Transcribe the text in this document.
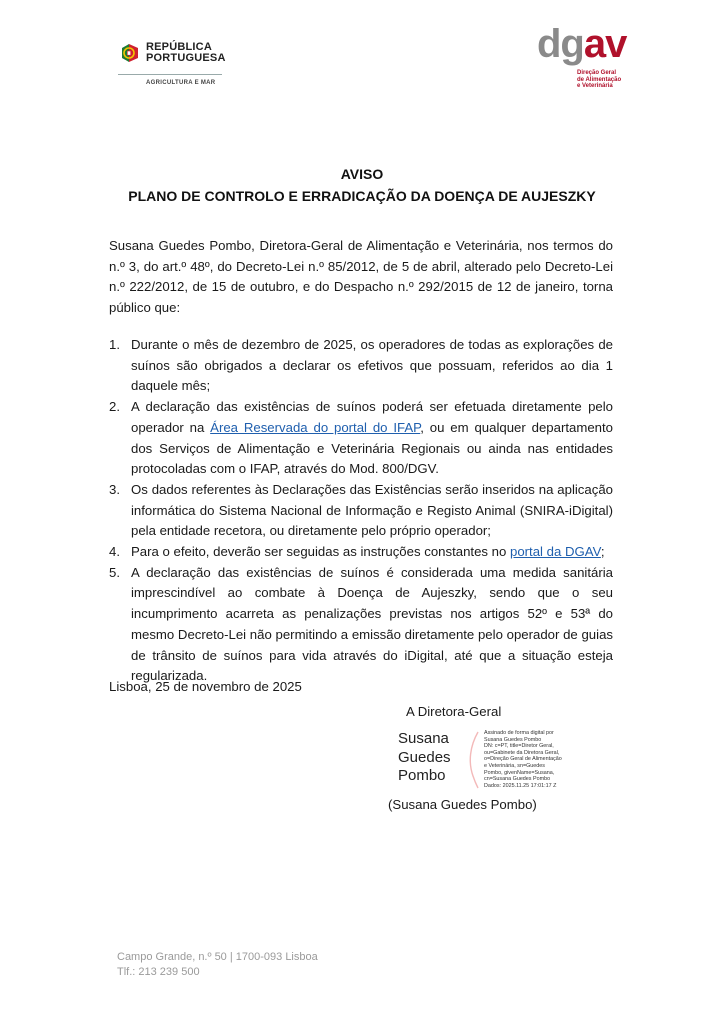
REPÚBLICA
PORTUGUESA
AGRICULTURA E MAR
dgav
Direção Geral
de Alimentação
e Veterinária
AVISO
PLANO DE CONTROLO E ERRADICAÇÃO DA DOENÇA DE AUJESZKY
Susana Guedes Pombo, Diretora-Geral de Alimentação e Veterinária, nos termos do n.º 3, do art.º 48º, do Decreto-Lei n.º 85/2012, de 5 de abril, alterado pelo Decreto-Lei n.º 222/2012, de 15 de outubro, e do Despacho n.º 292/2015 de 12 de janeiro, torna público que:
1. Durante o mês de dezembro de 2025, os operadores de todas as explorações de suínos são obrigados a declarar os efetivos que possuam, referidos ao dia 1 daquele mês;
2. A declaração das existências de suínos poderá ser efetuada diretamente pelo operador na Área Reservada do portal do IFAP, ou em qualquer departamento dos Serviços de Alimentação e Veterinária Regionais ou ainda nas entidades protocoladas com o IFAP, através do Mod. 800/DGV.
3. Os dados referentes às Declarações das Existências serão inseridos na aplicação informática do Sistema Nacional de Informação e Registo Animal (SNIRA-iDigital) pela entidade recetora, ou diretamente pelo próprio operador;
4. Para o efeito, deverão ser seguidas as instruções constantes no portal da DGAV;
5. A declaração das existências de suínos é considerada uma medida sanitária imprescindível ao combate à Doença de Aujeszky, sendo que o seu incumprimento acarreta as penalizações previstas nos artigos 52º e 53ª do mesmo Decreto-Lei não permitindo a emissão diretamente pelo operador de guias de trânsito de suínos para vida através do iDigital, até que a situação esteja regularizada.
Lisboa, 25 de novembro de 2025
A Diretora-Geral
Susana
Guedes
Pombo
Assinado de forma digital por
Susana Guedes Pombo
DN: c=PT, title=Diretor Geral,
ou=Gabinete da Diretora Geral,
o=Direção Geral de Alimentação
e Veterinária, sn=Guedes
Pombo, givenName=Susana,
cn=Susana Guedes Pombo
Dados: 2025.11.25 17:01:17 Z
(Susana Guedes Pombo)
Campo Grande, n.º 50 | 1700-093 Lisboa
Tlf.: 213 239 500
